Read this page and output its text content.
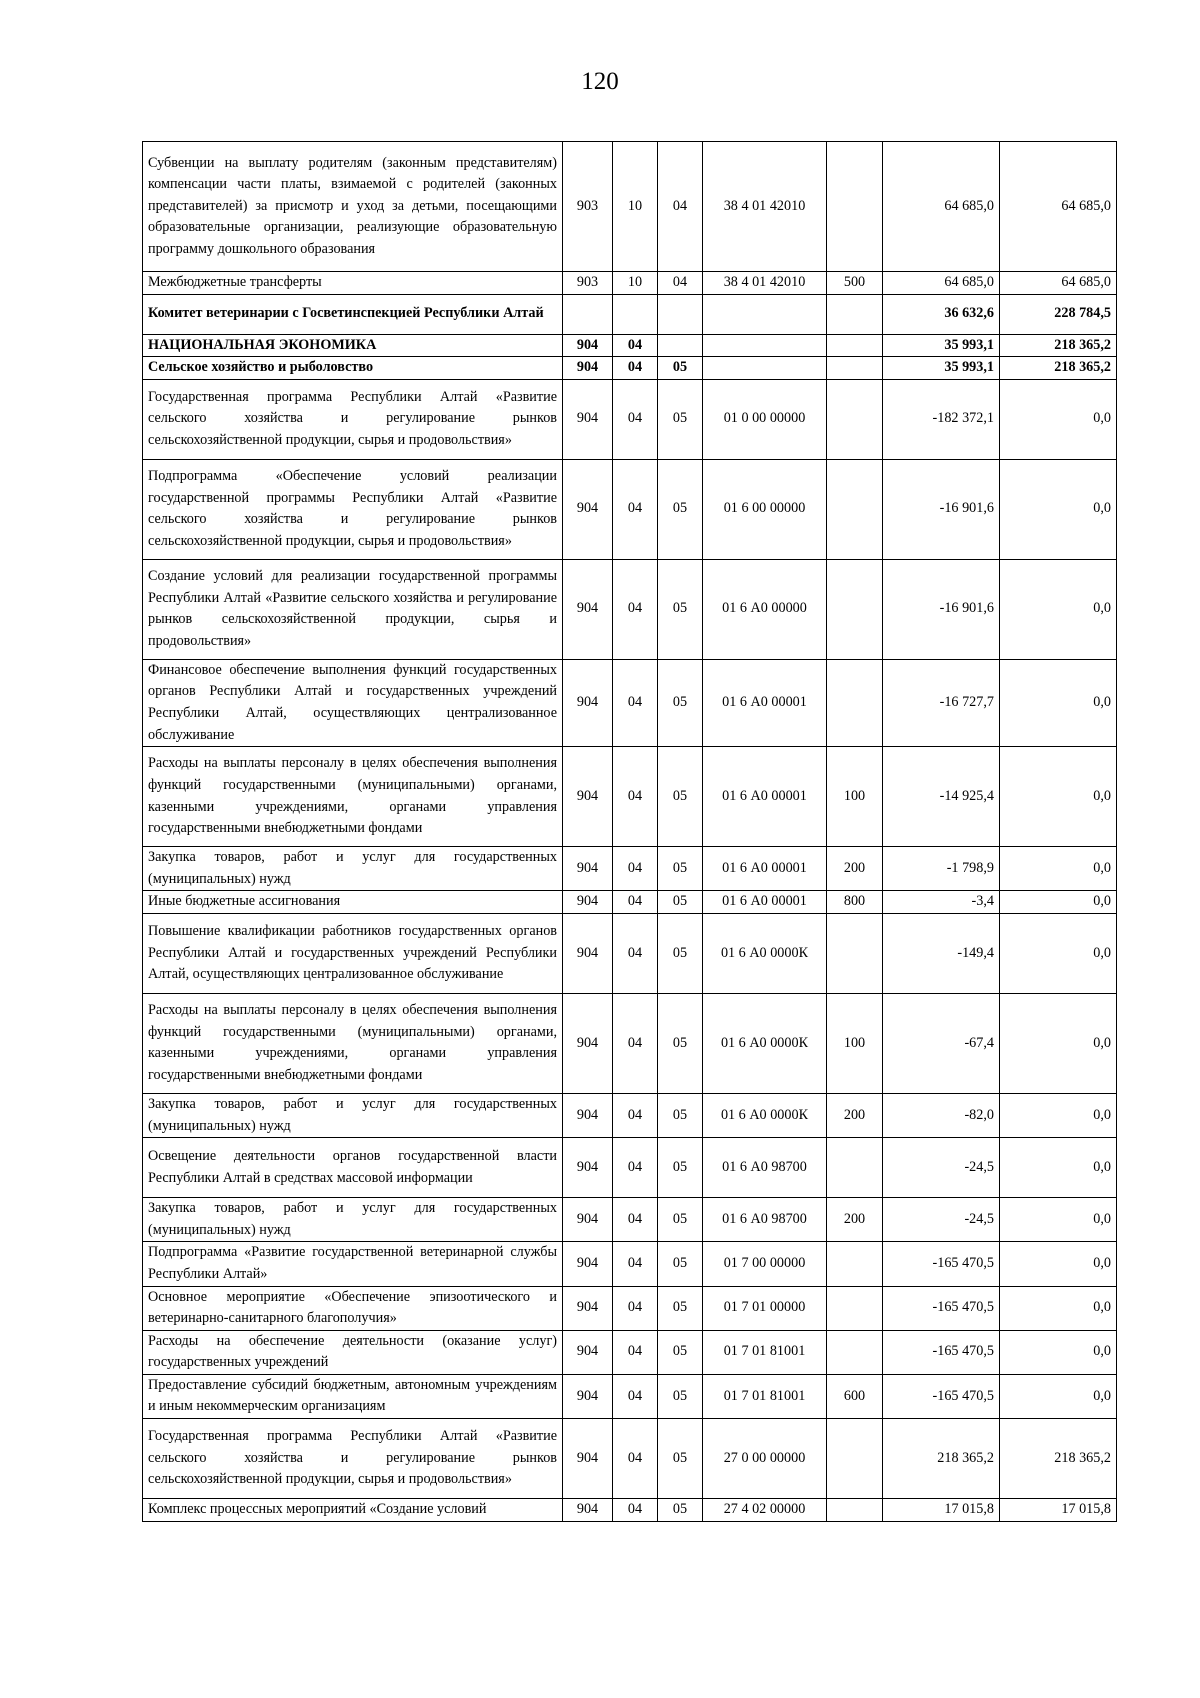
120
Субвенции на выплату родителям (законным представителям) компенсации части платы, взимаемой с родителей (законных представителей) за присмотр и уход за детьми, посещающими образовательные организации, реализующие образовательную программу дошкольного образования	903	10	04	38 4 01 42010		64 685,0	64 685,0
Межбюджетные трансферты	903	10	04	38 4 01 42010	500	64 685,0	64 685,0
Комитет ветеринарии с Госветинспекцией Республики Алтай						36 632,6	228 784,5
НАЦИОНАЛЬНАЯ ЭКОНОМИКА	904	04				35 993,1	218 365,2
Сельское хозяйство и рыболовство	904	04	05			35 993,1	218 365,2
Государственная программа Республики Алтай «Развитие сельского хозяйства и регулирование рынков сельскохозяйственной продукции, сырья и продовольствия»	904	04	05	01 0 00 00000		-182 372,1	0,0
Подпрограмма «Обеспечение условий реализации государственной программы Республики Алтай «Развитие сельского хозяйства и регулирование рынков сельскохозяйственной продукции, сырья и продовольствия»	904	04	05	01 6 00 00000		-16 901,6	0,0
Создание условий для реализации государственной программы Республики Алтай «Развитие сельского хозяйства и регулирование рынков сельскохозяйственной продукции, сырья и продовольствия»	904	04	05	01 6 А0 00000		-16 901,6	0,0
Финансовое обеспечение выполнения функций государственных органов Республики Алтай и государственных учреждений Республики Алтай, осуществляющих централизованное обслуживание	904	04	05	01 6 А0 00001		-16 727,7	0,0
Расходы на выплаты персоналу в целях обеспечения выполнения функций государственными (муниципальными) органами, казенными учреждениями, органами управления государственными внебюджетными фондами	904	04	05	01 6 А0 00001	100	-14 925,4	0,0
Закупка товаров, работ и услуг для государственных (муниципальных) нужд	904	04	05	01 6 А0 00001	200	-1 798,9	0,0
Иные бюджетные ассигнования	904	04	05	01 6 А0 00001	800	-3,4	0,0
Повышение квалификации работников государственных органов Республики Алтай и государственных учреждений Республики Алтай, осуществляющих централизованное обслуживание	904	04	05	01 6 А0 0000К		-149,4	0,0
Расходы на выплаты персоналу в целях обеспечения выполнения функций государственными (муниципальными) органами, казенными учреждениями, органами управления государственными внебюджетными фондами	904	04	05	01 6 А0 0000К	100	-67,4	0,0
Закупка товаров, работ и услуг для государственных (муниципальных) нужд	904	04	05	01 6 А0 0000К	200	-82,0	0,0
Освещение деятельности органов государственной власти Республики Алтай в средствах массовой информации	904	04	05	01 6 А0 98700		-24,5	0,0
Закупка товаров, работ и услуг для государственных (муниципальных) нужд	904	04	05	01 6 А0 98700	200	-24,5	0,0
Подпрограмма «Развитие государственной ветеринарной службы Республики Алтай»	904	04	05	01 7 00 00000		-165 470,5	0,0
Основное мероприятие «Обеспечение эпизоотического и ветеринарно-санитарного благополучия»	904	04	05	01 7 01 00000		-165 470,5	0,0
Расходы на обеспечение деятельности (оказание услуг) государственных учреждений	904	04	05	01 7 01 81001		-165 470,5	0,0
Предоставление субсидий бюджетным, автономным учреждениям и иным некоммерческим организациям	904	04	05	01 7 01 81001	600	-165 470,5	0,0
Государственная программа Республики Алтай «Развитие сельского хозяйства и регулирование рынков сельскохозяйственной продукции, сырья и продовольствия»	904	04	05	27 0 00 00000		218 365,2	218 365,2
Комплекс процессных мероприятий «Создание условий	904	04	05	27 4 02 00000		17 015,8	17 015,8
